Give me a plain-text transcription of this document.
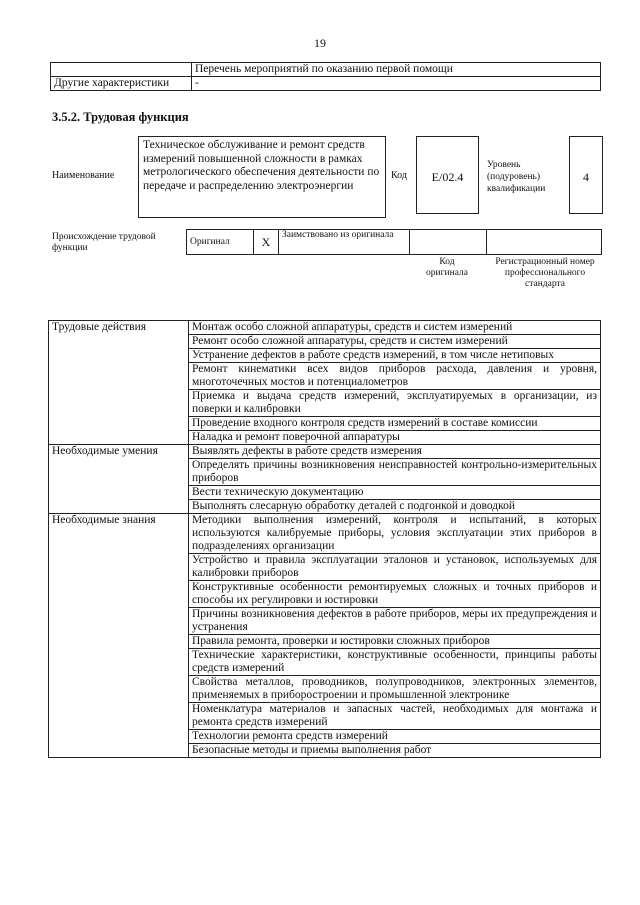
19
	Перечень мероприятий по оказанию первой помощи
Другие характеристики	-
3.5.2. Трудовая функция
Наименование
Техническое обслуживание и ремонт средств измерений повышенной сложности в рамках метрологического обеспечения деятельности по передаче и распределению электроэнергии
Код	E/02.4
Уровень (подуровень) квалификации
4
Происхождение трудовой функции
Оригинал	X	Заимствовано из оригинала		
Код оригинала
Регистрационный номер профессионального стандарта
Трудовые действия	Монтаж особо сложной аппаратуры, средств и систем измерений
	Ремонт особо сложной аппаратуры, средств и систем измерений
	Устранение дефектов в работе средств измерений, в том числе нетиповых
	Ремонт кинематики всех видов приборов расхода, давления и уровня, многоточечных мостов и потенциалометров
	Приемка и выдача средств измерений, эксплуатируемых в организации, из поверки и калибровки
	Проведение входного контроля средств измерений в составе комиссии
	Наладка и ремонт поверочной аппаратуры
Необходимые умения	Выявлять дефекты в работе средств измерения
	Определять причины возникновения неисправностей контрольно-измерительных приборов
	Вести техническую документацию
	Выполнять слесарную обработку деталей с подгонкой и доводкой
Необходимые знания	Методики выполнения измерений, контроля и испытаний, в которых используются калибруемые приборы, условия эксплуатации этих приборов в подразделениях организации
	Устройство и правила эксплуатации эталонов и установок, используемых для калибровки приборов
	Конструктивные особенности ремонтируемых сложных и точных приборов и способы их регулировки и юстировки
	Причины возникновения дефектов в работе приборов, меры их предупреждения и устранения
	Правила ремонта, проверки и юстировки сложных приборов
	Технические характеристики, конструктивные особенности, принципы работы средств измерений
	Свойства металлов, проводников, полупроводников, электронных элементов, применяемых в приборостроении и промышленной электронике
	Номенклатура материалов и запасных частей, необходимых для монтажа и ремонта средств измерений
	Технологии ремонта средств измерений
	Безопасные методы и приемы выполнения работ
